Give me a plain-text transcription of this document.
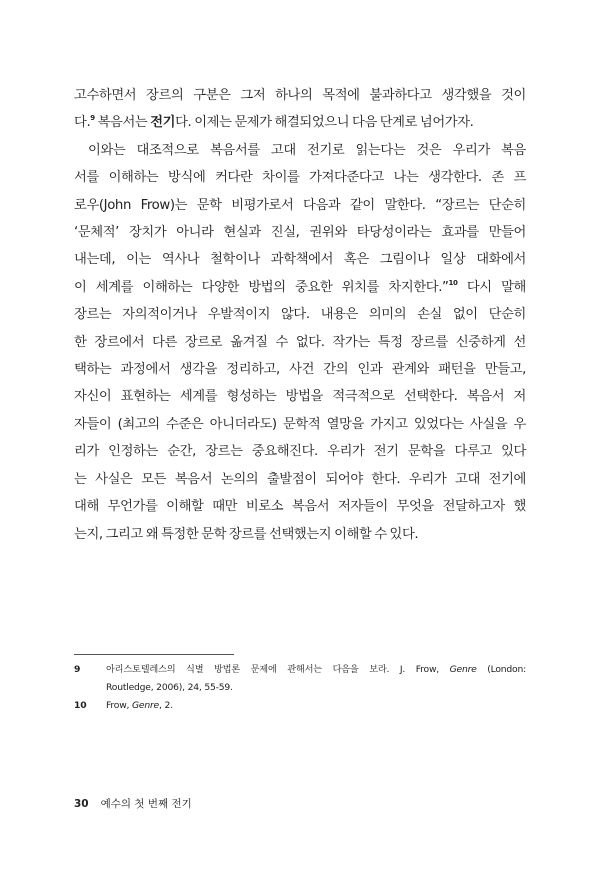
고수하면서 장르의 구분은 그저 하나의 목적에 불과하다고 생각했을 것이
다.$^9$ 복음서는 전기다. 이제는 문제가 해결되었으니 다음 단계로 넘어가자.
이와는 대조적으로 복음서를 고대 전기로 읽는다는 것은 우리가 복음
서를 이해하는 방식에 커다란 차이를 가져다준다고 나는 생각한다. 존 프
로우(John Frow)는 문학 비평가로서 다음과 같이 말한다. “장르는 단순히
‘문체적’ 장치가 아니라 현실과 진실, 권위와 타당성이라는 효과를 만들어
내는데, 이는 역사나 철학이나 과학책에서 혹은 그림이나 일상 대화에서
이 세계를 이해하는 다양한 방법의 중요한 위치를 차지한다.”$^{10}$ 다시 말해
장르는 자의적이거나 우발적이지 않다. 내용은 의미의 손실 없이 단순히
한 장르에서 다른 장르로 옮겨질 수 없다. 작가는 특정 장르를 신중하게 선
택하는 과정에서 생각을 정리하고, 사건 간의 인과 관계와 패턴을 만들고,
자신이 표현하는 세계를 형성하는 방법을 적극적으로 선택한다. 복음서 저
자들이 (최고의 수준은 아니더라도) 문학적 열망을 가지고 있었다는 사실을 우
리가 인정하는 순간, 장르는 중요해진다. 우리가 전기 문학을 다루고 있다
는 사실은 모든 복음서 논의의 출발점이 되어야 한다. 우리가 고대 전기에
대해 무언가를 이해할 때만 비로소 복음서 저자들이 무엇을 전달하고자 했
는지, 그리고 왜 특정한 문학 장르를 선택했는지 이해할 수 있다.
9	아리스토텔레스의 식별 방법론 문제에 관해서는 다음을 보라. J. Frow, Genre (London:
Routledge, 2006), 24, 55-59.
10 Frow, Genre, 2.
30 예수의 첫 번째 전기
